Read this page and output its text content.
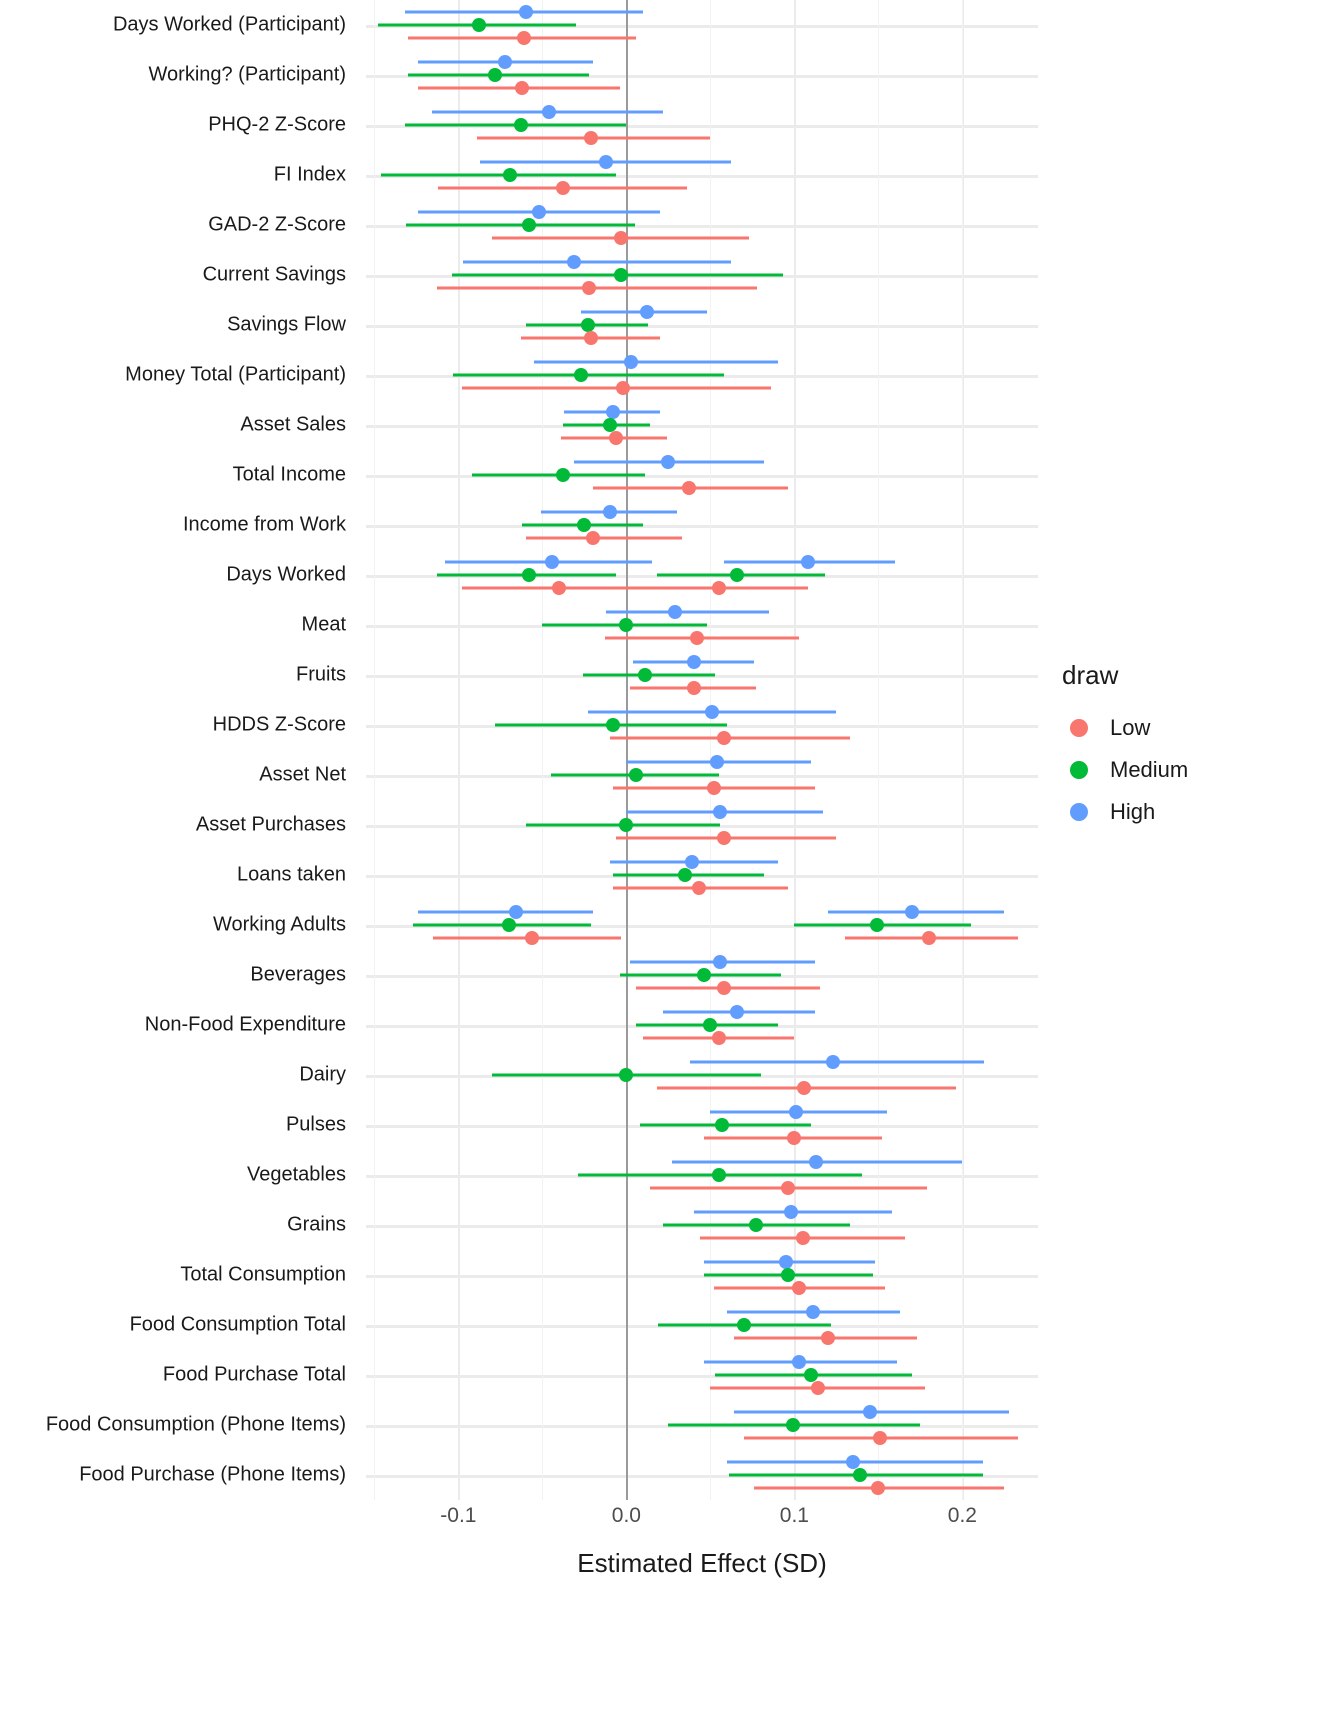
Days Worked (Participant)
Working? (Participant)
PHQ-2 Z-Score
FI Index
GAD-2 Z-Score
Current Savings
Savings Flow
Money Total (Participant)
Asset Sales
Total Income
Income from Work
Days Worked
Meat
Fruits
HDDS Z-Score
Asset Net
Asset Purchases
Loans taken
Working Adults
Beverages
Non-Food Expenditure
Dairy
Pulses
Vegetables
Grains
Total Consumption
Food Consumption Total
Food Purchase Total
Food Consumption (Phone Items)
Food Purchase (Phone Items)
-0.1	0.0	0.1	0.2
Estimated Effect (SD)
draw
Low
Medium
High
